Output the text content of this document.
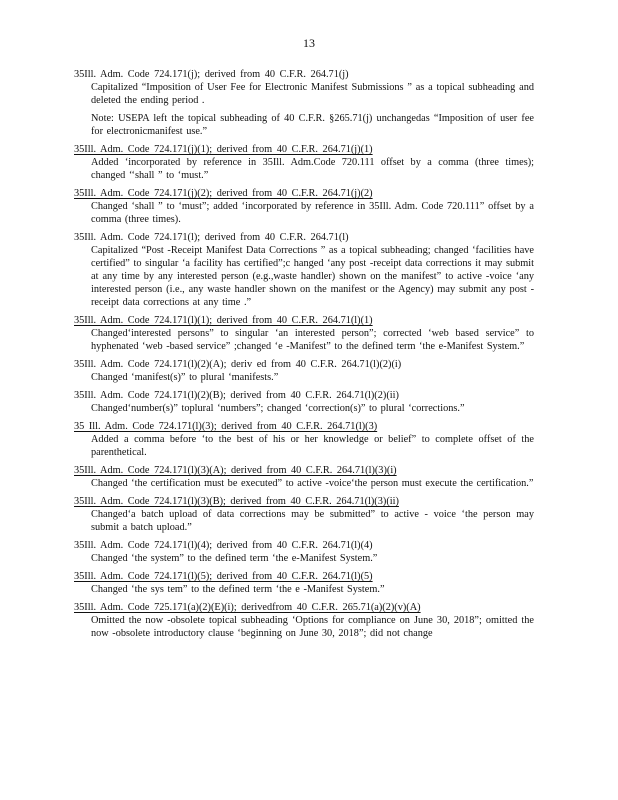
13
35Ill. Adm. Code 724.171(j); derived from 40 C.F.R. 264.71(j)
Capitalized “Imposition of User Fee for Electronic Manifest Submissions ” as a topical subheading and deleted the ending period .
Note: USEPA left the topical subheading of 40 C.F.R. §265.71(j) unchangedas “Imposition of user fee for electronicmanifest use.”
35Ill. Adm. Code 724.171(j)(1); derived from 40 C.F.R. 264.71(j)(1)
Added ‘incorporated by reference in 35Ill. Adm.Code 720.111 offset by a comma (three times); changed ‘‘shall ” to ‘must.”
35Ill. Adm. Code 724.171(j)(2); derived from 40 C.F.R. 264.71(j)(2)
Changed ‘shall ” to ‘must”; added ‘incorporated by reference in 35Ill. Adm. Code 720.111” offset by a comma (three times).
35Ill. Adm. Code 724.171(l); derived from 40 C.F.R. 264.71(l)
Capitalized “Post -Receipt Manifest Data Corrections ” as a topical subheading; changed ‘facilities have certified” to singular ‘a facility has certified”;c hanged ‘any post -receipt data corrections it may submit at any time by any interested person (e.g.,waste handler) shown on the manifest” to active -voice ‘any interested person (i.e., any waste handler shown on the manifest or the Agency) may submit any post -receipt data corrections at any time .”
35Ill. Adm. Code 724.171(l)(1); derived from 40 C.F.R. 264.71(l)(1)
Changed‘interested persons” to singular ‘an interested person”; corrected ‘web based service” to hyphenated ‘web -based service” ;changed ‘e -Manifest” to the defined term ‘the e-Manifest System.”
35Ill. Adm. Code 724.171(l)(2)(A); deriv ed from 40 C.F.R. 264.71(l)(2)(i)
Changed ‘manifest(s)” to plural ‘manifests.”
35Ill. Adm. Code 724.171(l)(2)(B); derived from 40 C.F.R. 264.71(l)(2)(ii)
Changed‘number(s)” toplural ‘numbers”; changed ‘correction(s)” to plural ‘corrections.”
35 Ill. Adm. Code 724.171(l)(3); derived from 40 C.F.R. 264.71(l)(3)
Added a comma before ‘to the best of his or her knowledge or belief” to complete offset of the parenthetical.
35Ill. Adm. Code 724.171(l)(3)(A); derived from 40 C.F.R. 264.71(l)(3)(i)
Changed ‘the certification must be executed” to active -voice‘the person must execute the certification.”
35Ill. Adm. Code 724.171(l)(3)(B); derived from 40 C.F.R. 264.71(l)(3)(ii)
Changed‘a batch upload of data corrections may be submitted” to active - voice ‘the person may submit a batch upload.”
35Ill. Adm. Code 724.171(l)(4); derived from 40 C.F.R. 264.71(l)(4)
Changed ‘the system” to the defined term ‘the e-Manifest System.”
35Ill. Adm. Code 724.171(l)(5); derived from 40 C.F.R. 264.71(l)(5)
Changed ‘the sys tem” to the defined term ‘the e -Manifest System.”
35Ill. Adm. Code 725.171(a)(2)(E)(i); derivedfrom 40 C.F.R. 265.71(a)(2)(v)(A)
Omitted the now -obsolete topical subheading ‘Options for compliance on June 30, 2018”; omitted the now -obsolete introductory clause ‘beginning on June 30, 2018”; did not change
